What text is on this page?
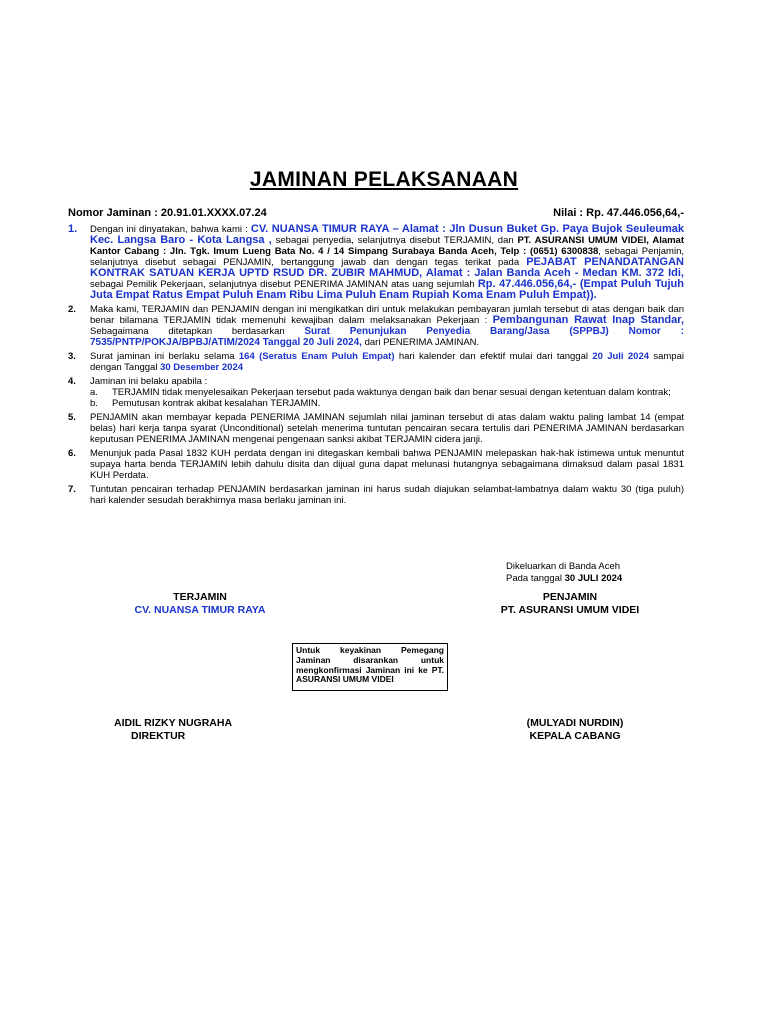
JAMINAN PELAKSANAAN
Nomor Jaminan : 20.91.01.XXXX.07.24	Nilai : Rp. 47.446.056,64,-
1.	Dengan ini dinyatakan, bahwa kami : CV. NUANSA TIMUR RAYA – Alamat : Jln Dusun Buket Gp. Paya Bujok Seuleumak Kec. Langsa Baro - Kota Langsa , sebagai penyedia, selanjutnya disebut TERJAMIN, dan PT. ASURANSI UMUM VIDEI, Alamat Kantor Cabang : Jln. Tgk. Imum Lueng Bata No. 4 / 14 Simpang Surabaya Banda Aceh, Telp : (0651) 6300838, sebagai Penjamin, selanjutnya disebut sebagai PENJAMIN, bertanggung jawab dan dengan tegas terikat pada PEJABAT PENANDATANGAN KONTRAK SATUAN KERJA UPTD RSUD DR. ZUBIR MAHMUD, Alamat : Jalan Banda Aceh - Medan KM. 372 Idi, sebagai Pemilik Pekerjaan, selanjutnya disebut PENERIMA JAMINAN atas uang sejumlah Rp. 47.446.056,64,- (Empat Puluh Tujuh Juta Empat Ratus Empat Puluh Enam Ribu Lima Puluh Enam Rupiah Koma Enam Puluh Empat)).
2.	Maka kami, TERJAMIN dan PENJAMIN dengan ini mengikatkan diri untuk melakukan pembayaran jumlah tersebut di atas dengan baik dan benar bilamana TERJAMIN tidak memenuhi kewajiban dalam melaksanakan Pekerjaan : Pembangunan Rawat Inap Standar, Sebagaimana ditetapkan berdasarkan Surat Penunjukan Penyedia Barang/Jasa (SPPBJ) Nomor : 7535/PNTP/POKJA/BPBJ/ATIM/2024 Tanggal 20 Juli 2024, dari PENERIMA JAMINAN.
3.	Surat jaminan ini berlaku selama 164 (Seratus Enam Puluh Empat) hari kalender dan efektif mulai dari tanggal 20 Juli 2024 sampai dengan Tanggal 30 Desember 2024
4.	Jaminan ini belaku apabila :
a.	TERJAMIN tidak menyelesaikan Pekerjaan tersebut pada waktunya dengan baik dan benar sesuai dengan ketentuan dalam kontrak;
b.	Pemutusan kontrak akibat kesalahan TERJAMIN.
5.	PENJAMIN akan membayar kepada PENERIMA JAMINAN sejumlah nilai jaminan tersebut di atas dalam waktu paling lambat 14 (empat belas) hari kerja tanpa syarat (Unconditional) setelah menerima tuntutan pencairan secara tertulis dari PENERIMA JAMINAN berdasarkan keputusan PENERIMA JAMINAN mengenai pengenaan sanksi akibat TERJAMIN cidera janji.
6.	Menunjuk pada Pasal 1832 KUH perdata dengan ini ditegaskan kembali bahwa PENJAMIN melepaskan hak-hak istimewa untuk menuntut supaya harta benda TERJAMIN lebih dahulu disita dan dijual guna dapat melunasi hutangnya sebagaimana dimaksud dalam pasal 1831 KUH Perdata.
7.	Tuntutan pencairan terhadap PENJAMIN berdasarkan jaminan ini harus sudah diajukan selambat-lambatnya dalam waktu 30 (tiga puluh) hari kalender sesudah berakhirnya masa berlaku jaminan ini.
Dikeluarkan di Banda Aceh
Pada tanggal 30 JULI 2024
TERJAMIN
CV. NUANSA TIMUR RAYA
PENJAMIN
PT. ASURANSI UMUM VIDEI
Untuk keyakinan Pemegang Jaminan disarankan untuk mengkonfirmasi Jaminan ini ke PT. ASURANSI UMUM VIDEI
AIDIL RIZKY NUGRAHA
DIREKTUR
(MULYADI NURDIN)
KEPALA CABANG
